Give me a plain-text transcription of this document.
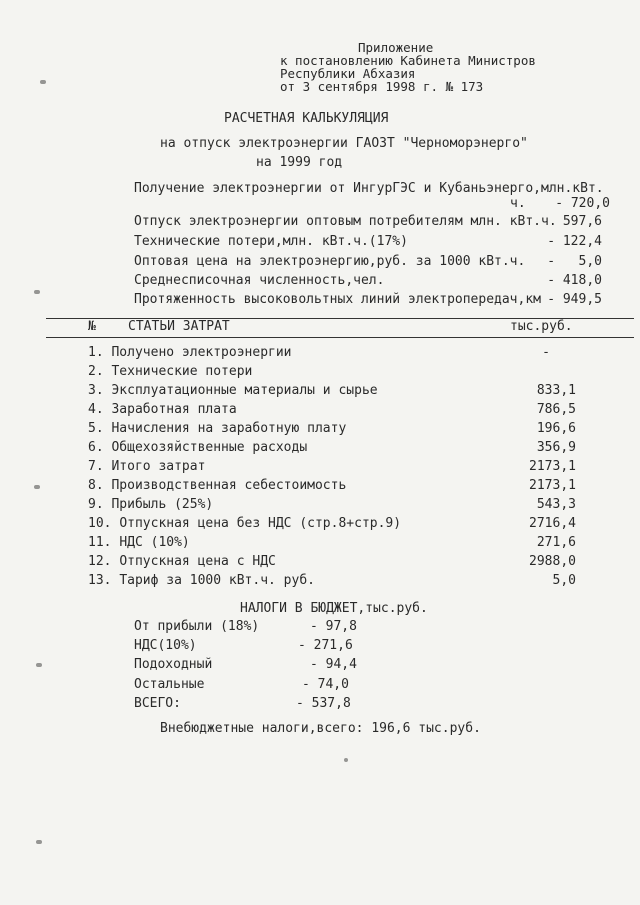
Приложение
к постановлению Кабинета Министров
Республики Абхазия
от 3 сентября 1998 г. № 173
РАСЧЕТНАЯ КАЛЬКУЛЯЦИЯ
на отпуск электроэнергии ГАОЗТ "Черноморэнерго"
на 1999 год
Получение электроэнергии от ИнгурГЭС и Кубаньэнерго,млн.кВт.
ч.	- 720,0
Отпуск электроэнергии оптовым потребителям млн. кВт.ч. 597,6
Технические потери,млн. кВт.ч.(17%)	- 122,4
Оптовая цена на электроэнергию,руб. за 1000 кВт.ч.	-   5,0
Среднесписочная численность,чел.	- 418,0
Протяженность высоковольтных линий электропередач,км - 949,5
№ СТАТЬИ ЗАТРАТ	тыс.руб.
1. Получено электроэнергии	-
2. Технические потери
3. Эксплуатационные материалы и сырье	833,1
4. Заработная плата	786,5
5. Начисления на заработную плату	196,6
6. Общехозяйственные расходы	356,9
7. Итого затрат	2173,1
8. Производственная себестоимость	2173,1
9. Прибыль (25%)	543,3
10. Отпускная цена без НДС (стр.8+стр.9)	2716,4
11. НДС (10%)	271,6
12. Отпускная цена с НДС	2988,0
13. Тариф за 1000 кВт.ч. руб.	5,0
НАЛОГИ В БЮДЖЕТ,тыс.руб.
От прибыли (18%)	- 97,8
НДС(10%)	- 271,6
Подоходный	- 94,4
Остальные	- 74,0
ВСЕГО:	- 537,8
Внебюджетные налоги,всего: 196,6 тыс.руб.
